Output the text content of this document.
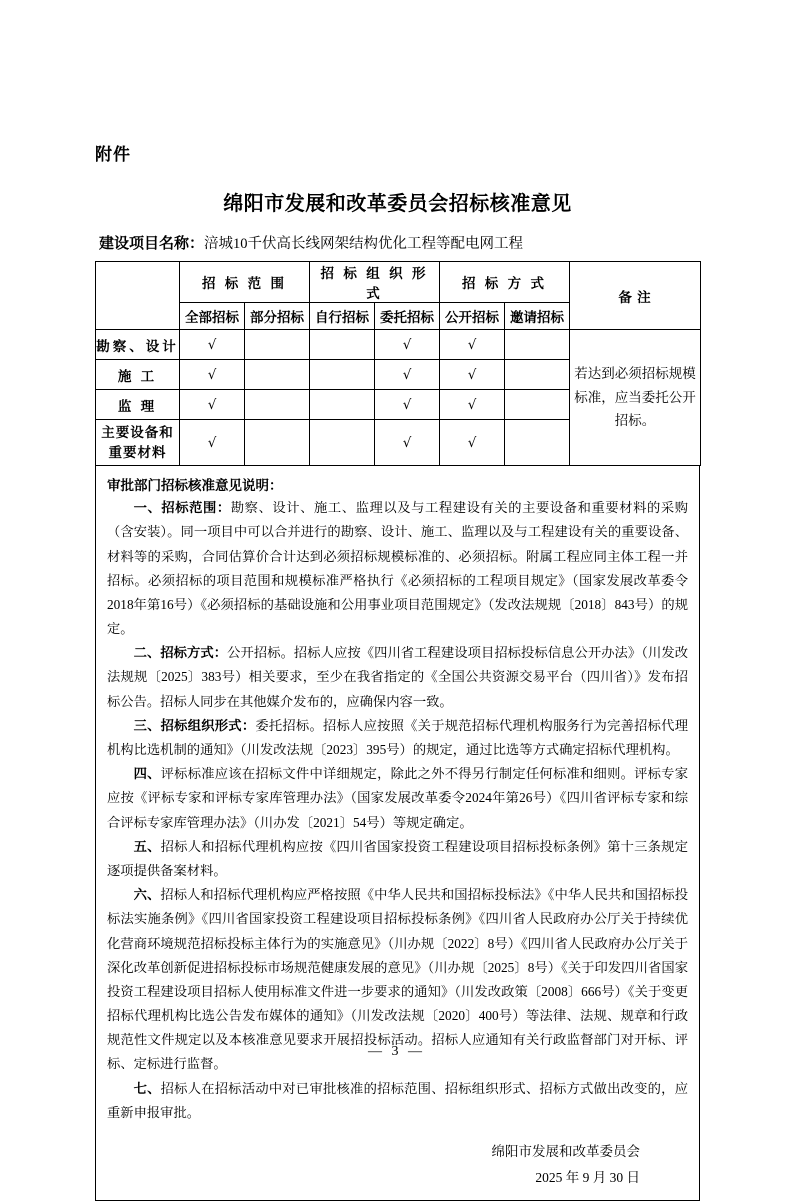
附件
绵阳市发展和改革委员会招标核准意见
建设项目名称：涪城10千伏高长线网架结构优化工程等配电网工程
	招 标 范 围		招 标 组 织 形 式		招 标 方 式		备 注
	全部招标	部分招标	自行招标	委托招标	公开招标	邀请招标	
勘察、设计	√			√	√		若达到必须招标规模标准，应当委托公开招标。
施 工	√			√	√		
监 理	√			√	√		
主要设备和重要材料	√			√	√		
审批部门招标核准意见说明：

一、招标范围：勘察、设计、施工、监理以及与工程建设有关的主要设备和重要材料的采购（含安装）。同一项目中可以合并进行的勘察、设计、施工、监理以及与工程建设有关的重要设备、材料等的采购，合同估算价合计达到必须招标规模标准的、必须招标。附属工程应同主体工程一并招标。必须招标的项目范围和规模标准严格执行《必须招标的工程项目规定》（国家发展改革委令2018年第16号）《必须招标的基础设施和公用事业项目范围规定》（发改法规规〔2018〕843号）的规定。

二、招标方式：公开招标。招标人应按《四川省工程建设项目招标投标信息公开办法》（川发改法规规〔2025〕383号）相关要求，至少在我省指定的《全国公共资源交易平台（四川省）》发布招标公告。招标人同步在其他媒介发布的，应确保内容一致。

三、招标组织形式：委托招标。招标人应按照《关于规范招标代理机构服务行为完善招标代理机构比选机制的通知》（川发改法规〔2023〕395号）的规定，通过比选等方式确定招标代理机构。

四、评标标准应该在招标文件中详细规定，除此之外不得另行制定任何标准和细则。评标专家应按《评标专家和评标专家库管理办法》（国家发展改革委令2024年第26号）《四川省评标专家和综合评标专家库管理办法》（川办发〔2021〕54号）等规定确定。

五、招标人和招标代理机构应按《四川省国家投资工程建设项目招标投标条例》第十三条规定逐项提供备案材料。

六、招标人和招标代理机构应严格按照《中华人民共和国招标投标法》《中华人民共和国招标投标法实施条例》《四川省国家投资工程建设项目招标投标条例》《四川省人民政府办公厅关于持续优化营商环境规范招标投标主体行为的实施意见》（川办规〔2022〕8号）《四川省人民政府办公厅关于深化改革创新促进招标投标市场规范健康发展的意见》（川办规〔2025〕8号）《关于印发四川省国家投资工程建设项目招标人使用标准文件进一步要求的通知》（川发改政策〔2008〕666号）《关于变更招标代理机构比选公告发布媒体的通知》（川发改法规〔2020〕400号）等法律、法规、规章和行政规范性文件规定以及本核准意见要求开展招投标活动。招标人应通知有关行政监督部门对开标、评标、定标进行监督。

七、招标人在招标活动中对已审批核准的招标范围、招标组织形式、招标方式做出改变的，应重新申报审批。

绵阳市发展和改革委员会
2025 年 9 月 30 日
— 3 —
